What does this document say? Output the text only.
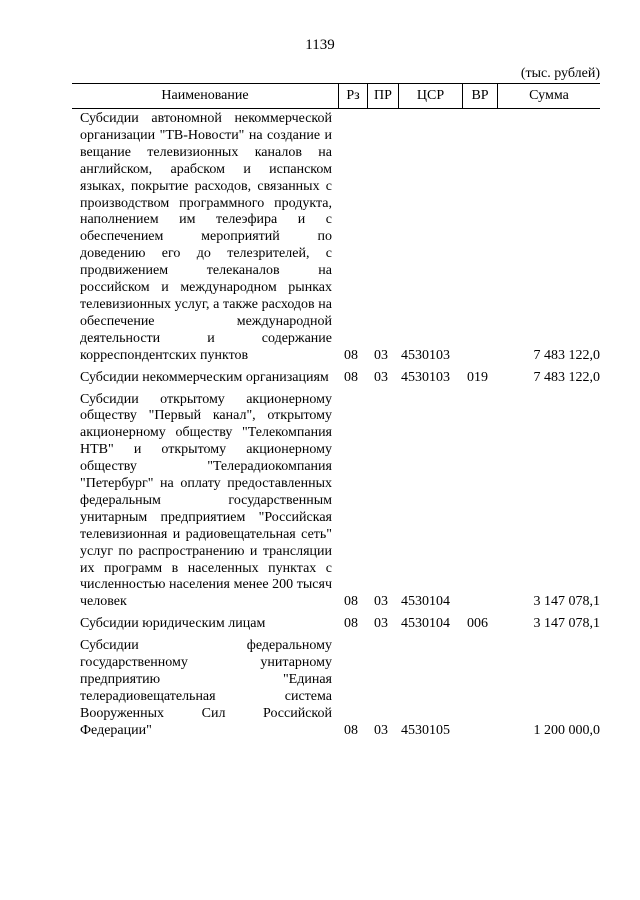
1139
(тыс. рублей)
Наименование	Рз	ПР	ЦСР	ВР	Сумма
Субсидии автономной некоммерческой организации "ТВ-Новости" на создание и вещание телевизионных каналов на английском, арабском и испанском языках, покрытие расходов, связанных с производством программного продукта, наполнением им телеэфира и с обеспечением мероприятий по доведению его до телезрителей, с продвижением телеканалов на российском и международном рынках телевизионных услуг, а также расходов на обеспечение международной деятельности и содержание корреспондентских пунктов	08 03 4530103	7 483 122,0
Субсидии некоммерческим организациям 08 03 4530103 019	7 483 122,0
Субсидии открытому акционерному обществу "Первый канал", открытому акционерному обществу "Телекомпания НТВ" и открытому акционерному обществу "Телерадиокомпания "Петербург" на оплату предоставленных федеральным государственным унитарным предприятием "Российская телевизионная и радиовещательная сеть" услуг по распространению и трансляции их программ в населенных пунктах с численностью населения менее 200 тысяч человек	08 03 4530104	3 147 078,1
Субсидии юридическим лицам	08 03 4530104 006	3 147 078,1
Субсидии федеральному государственному унитарному предприятию "Единая телерадиовещательная система Вооруженных Сил Российской Федерации"	08 03 4530105	1 200 000,0
